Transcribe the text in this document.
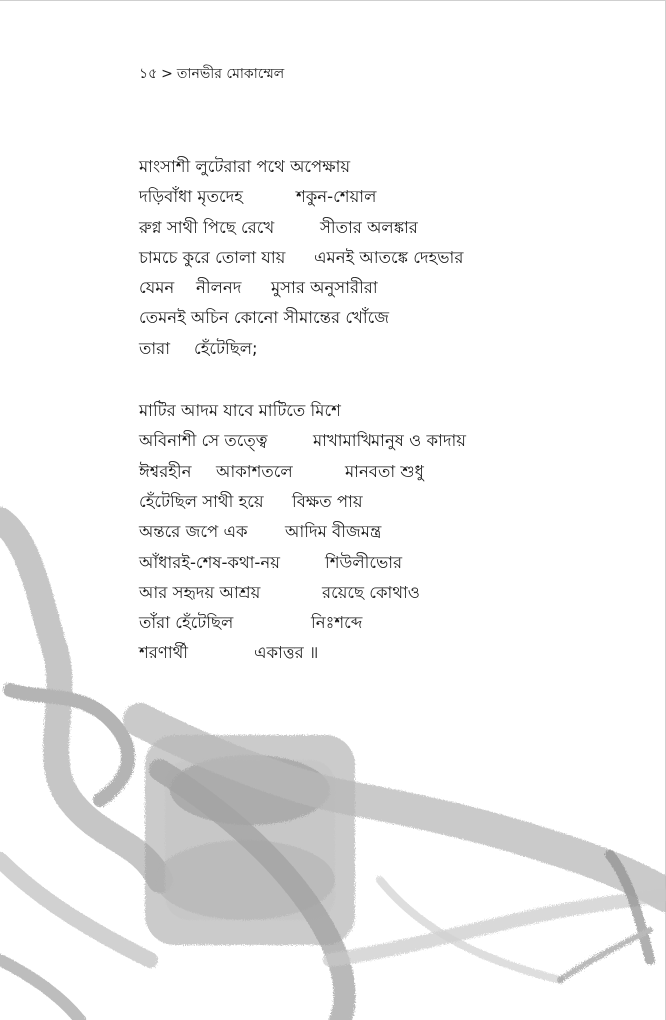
১৫ > তানভীর মোকাম্মেল
মাংসাশী লুটেরারা পথে অপেক্ষায়
দড়িবাঁধা মৃতদেহ	শকুন-শেয়াল
রুগ্ন সাথী পিছে রেখে	সীতার অলঙ্কার
চামচে কুরে তোলা যায় এমনই আতঙ্কে দেহভার
যেমন নীলনদ মুসার অনুসারীরা
তেমনই অচিন কোনো সীমান্তের খোঁজে
তারা হেঁটেছিল;
মাটির আদম যাবে মাটিতে মিশে
অবিনাশী সে তত্ত্বে	মাখামাখি
মানুষ ও কাদায়
ঈশ্বরহীন আকাশতলে	মানবতা শুধু
হেঁটেছিল সাথী হয়ে বিক্ষত পায়
অন্তরে জপে এক আদিম বীজমন্ত্র
আঁধারই-শেষ-কথা-নয়	শিউলীভোর
আর সহৃদয় আশ্রয়	রয়েছে কোথাও
তাঁরা হেঁটেছিল	নিঃশব্দে
শরণার্থী	একাত্তর ॥
